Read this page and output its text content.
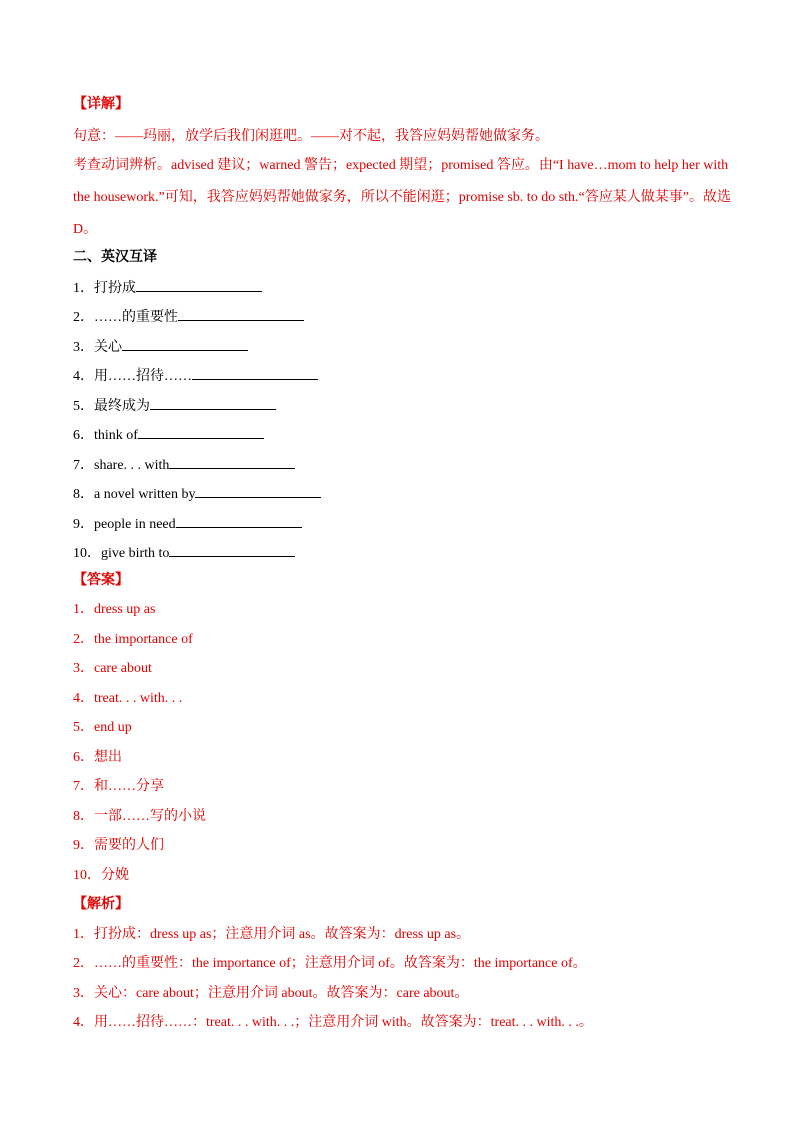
【详解】
句意：——玛丽，放学后我们闲逛吧。——对不起，我答应妈妈帮她做家务。
考查动词辨析。advised 建议；warned 警告；expected 期望；promised 答应。由“I have…mom to help her with the housework.”可知，我答应妈妈帮她做家务，所以不能闲逛；promise sb. to do sth.“答应某人做某事”。故选 D。
二、英汉互译
1．打扮成
2．……的重要性
3．关心
4．用……招待……
5．最终成为
6．think of
7．share. . . with
8．a novel written by
9．people in need
10．give birth to
【答案】
1．dress up as
2．the importance of
3．care about
4．treat. . . with. . .
5．end up
6．想出
7．和……分享
8．一部……写的小说
9．需要的人们
10．分娩
【解析】
1．打扮成：dress up as；注意用介词 as。故答案为：dress up as。
2．……的重要性：the importance of；注意用介词 of。故答案为：the importance of。
3．关心：care about；注意用介词 about。故答案为：care about。
4．用……招待……：treat. . . with. . .；注意用介词 with。故答案为：treat. . . with. . .。
